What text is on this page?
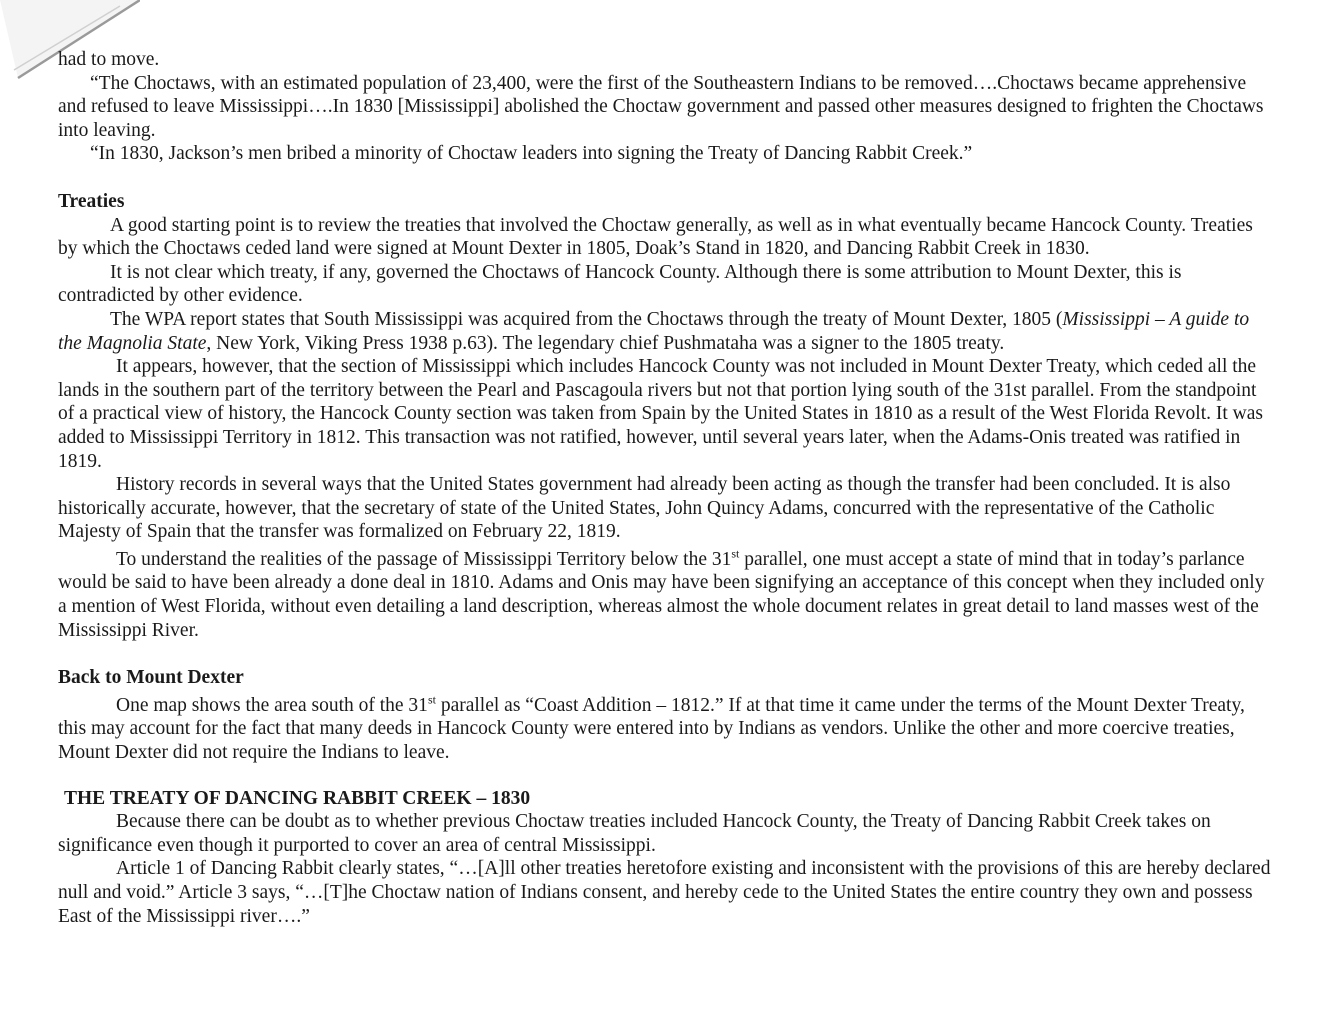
had to move.

“The Choctaws, with an estimated population of 23,400, were the first of the Southeastern Indians to be removed….Choctaws became apprehensive and refused to leave Mississippi….In 1830 [Mississippi] abolished the Choctaw government and passed other measures designed to frighten the Choctaws into leaving.

“In 1830, Jackson’s men bribed a minority of Choctaw leaders into signing the Treaty of Dancing Rabbit Creek.”

Treaties

A good starting point is to review the treaties that involved the Choctaw generally, as well as in what eventually became Hancock County. Treaties by which the Choctaws ceded land were signed at Mount Dexter in 1805, Doak’s Stand in 1820, and Dancing Rabbit Creek in 1830.

It is not clear which treaty, if any, governed the Choctaws of Hancock County. Although there is some attribution to Mount Dexter, this is contradicted by other evidence.

The WPA report states that South Mississippi was acquired from the Choctaws through the treaty of Mount Dexter, 1805 (Mississippi – A guide to the Magnolia State, New York, Viking Press 1938 p.63). The legendary chief Pushmataha was a signer to the 1805 treaty.

It appears, however, that the section of Mississippi which includes Hancock County was not included in Mount Dexter Treaty, which ceded all the lands in the southern part of the territory between the Pearl and Pascagoula rivers but not that portion lying south of the 31st parallel. From the standpoint of a practical view of history, the Hancock County section was taken from Spain by the United States in 1810 as a result of the West Florida Revolt. It was added to Mississippi Territory in 1812. This transaction was not ratified, however, until several years later, when the Adams-Onis treated was ratified in 1819.

History records in several ways that the United States government had already been acting as though the transfer had been concluded. It is also historically accurate, however, that the secretary of state of the United States, John Quincy Adams, concurred with the representative of the Catholic Majesty of Spain that the transfer was formalized on February 22, 1819.

To understand the realities of the passage of Mississippi Territory below the 31st parallel, one must accept a state of mind that in today’s parlance would be said to have been already a done deal in 1810. Adams and Onis may have been signifying an acceptance of this concept when they included only a mention of West Florida, without even detailing a land description, whereas almost the whole document relates in great detail to land masses west of the Mississippi River.

Back to Mount Dexter

One map shows the area south of the 31st parallel as “Coast Addition – 1812.” If at that time it came under the terms of the Mount Dexter Treaty, this may account for the fact that many deeds in Hancock County were entered into by Indians as vendors. Unlike the other and more coercive treaties, Mount Dexter did not require the Indians to leave.

THE TREATY OF DANCING RABBIT CREEK – 1830

Because there can be doubt as to whether previous Choctaw treaties included Hancock County, the Treaty of Dancing Rabbit Creek takes on significance even though it purported to cover an area of central Mississippi.

Article 1 of Dancing Rabbit clearly states, “…[A]ll other treaties heretofore existing and inconsistent with the provisions of this are hereby declared null and void.” Article 3 says, “…[T]he Choctaw nation of Indians consent, and hereby cede to the United States the entire country they own and possess East of the Mississippi river….”
